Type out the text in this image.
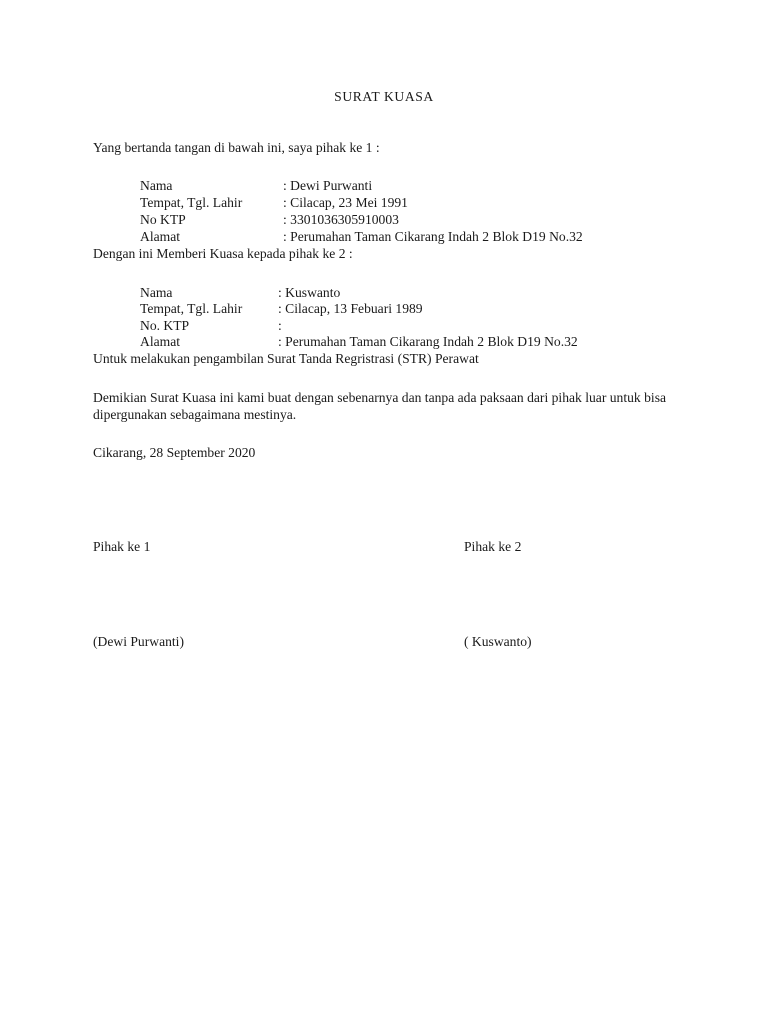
SURAT KUASA
Yang bertanda tangan di bawah ini, saya pihak ke 1 :
Nama	: Dewi Purwanti
Tempat, Tgl. Lahir	: Cilacap, 23 Mei 1991
No KTP	: 3301036305910003
Alamat	: Perumahan Taman Cikarang Indah 2 Blok D19 No.32
Dengan ini Memberi Kuasa kepada pihak ke 2 :
Nama	: Kuswanto
Tempat, Tgl. Lahir	: Cilacap, 13 Febuari 1989
No. KTP	:
Alamat	: Perumahan Taman Cikarang Indah 2 Blok D19 No.32
Untuk melakukan pengambilan Surat Tanda Regristrasi (STR) Perawat
Demikian Surat Kuasa ini kami buat dengan sebenarnya dan tanpa ada paksaan dari pihak luar untuk bisa dipergunakan sebagaimana mestinya.
Cikarang, 28 September 2020
Pihak ke 1	Pihak ke 2
(Dewi Purwanti)	( Kuswanto)
